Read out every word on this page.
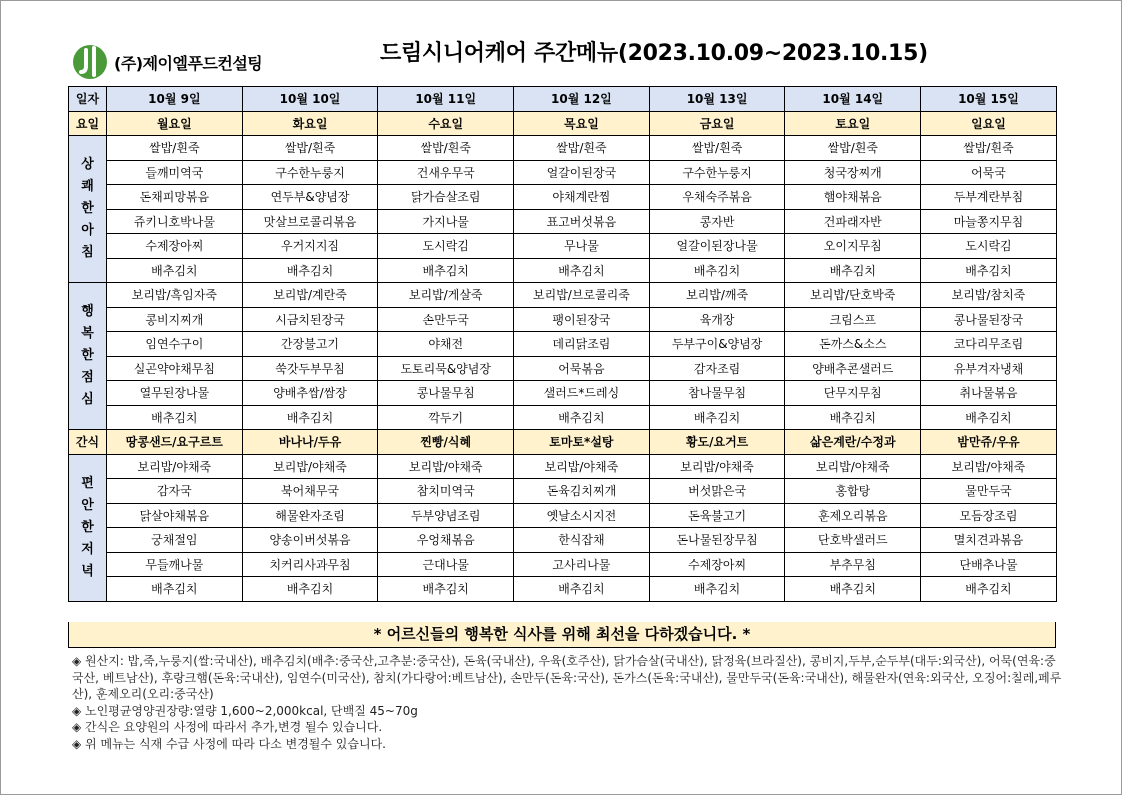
(주)제이엘푸드컨설팅	드림시니어케어 주간메뉴(2023.10.09~2023.10.15)
일자	10월 9일	10월 10일	10월 11일	10월 12일	10월 13일	10월 14일	10월 15일
요일	월요일	화요일	수요일	목요일	금요일	토요일	일요일

상
쾌
한
아
침	쌀밥/흰죽	쌀밥/흰죽	쌀밥/흰죽	쌀밥/흰죽	쌀밥/흰죽	쌀밥/흰죽	쌀밥/흰죽
	들깨미역국	구수한누룽지	건새우무국	얼갈이된장국	구수한누룽지	청국장찌개	어묵국
	돈채피망볶음	연두부&양념장	닭가슴살조림	야채계란찜	우채숙주볶음	햄야채볶음	두부계란부침
	쥬키니호박나물	맛살브로콜리볶음	가지나물	표고버섯볶음	콩자반	건파래자반	마늘쫑지무침
	수제장아찌	우거지지짐	도시락김	무나물	얼갈이된장나물	오이지무침	도시락김
	배추김치	배추김치	배추김치	배추김치	배추김치	배추김치	배추김치

행
복
한
점
심	보리밥/흑임자죽	보리밥/계란죽	보리밥/게살죽	보리밥/브로콜리죽	보리밥/깨죽	보리밥/단호박죽	보리밥/참치죽
	콩비지찌개	시금치된장국	손만두국	팽이된장국	육개장	크림스프	콩나물된장국
	임연수구이	간장불고기	야채전	데리닭조림	두부구이&양념장	돈까스&소스	코다리무조림
	실곤약야채무침	쑥갓두부무침	도토리묵&양념장	어묵볶음	감자조림	양배추콘샐러드	유부겨자냉채
	열무된장나물	양배추쌈/쌈장	콩나물무침	샐러드*드레싱	참나물무침	단무지무침	취나물볶음
	배추김치	배추김치	깍두기	배추김치	배추김치	배추김치	배추김치
간식	땅콩샌드/요구르트	바나나/두유	찐빵/식혜	토마토*설탕	황도/요거트	삶은계란/수정과	밤만쥬/우유

편
안
한
저
녁	보리밥/야채죽	보리밥/야채죽	보리밥/야채죽	보리밥/야채죽	보리밥/야채죽	보리밥/야채죽	보리밥/야채죽
	감자국	북어채무국	참치미역국	돈육김치찌개	버섯맑은국	홍합탕	물만두국
	닭살야채볶음	해물완자조림	두부양념조림	옛날소시지전	돈육불고기	훈제오리볶음	모듬장조림
	궁채절임	양송이버섯볶음	우엉채볶음	한식잡채	돈나물된장무침	단호박샐러드	멸치견과볶음
	무들깨나물	치커리사과무침	근대나물	고사리나물	수제장아찌	부추무침	단배추나물
	배추김치	배추김치	배추김치	배추김치	배추김치	배추김치	배추김치
* 어르신들의 행복한 식사를 위해 최선을 다하겠습니다. *
◈ 원산지: 밥,죽,누룽지(쌀:국내산), 배추김치(배추:중국산,고추분:중국산), 돈육(국내산), 우육(호주산), 닭가슴살(국내산), 닭정육(브라질산), 콩비지,두부,순두부(대두:외국산), 어묵(연육:중국산, 베트남산), 후랑크햄(돈육:국내산), 임연수(미국산), 참치(가다랑어:베트남산), 손만두(돈육:국산), 돈가스(돈육:국내산), 물만두국(돈육:국내산), 해물완자(연육:외국산, 오징어:칠레,페루산), 훈제오리(오리:중국산)
◈ 노인평균영양권장량:열량 1,600~2,000kcal, 단백질 45~70g
◈ 간식은 요양원의 사정에 따라서 추가,변경 될수 있습니다.
◈ 위 메뉴는 식재 수급 사정에 따라 다소 변경될수 있습니다.
